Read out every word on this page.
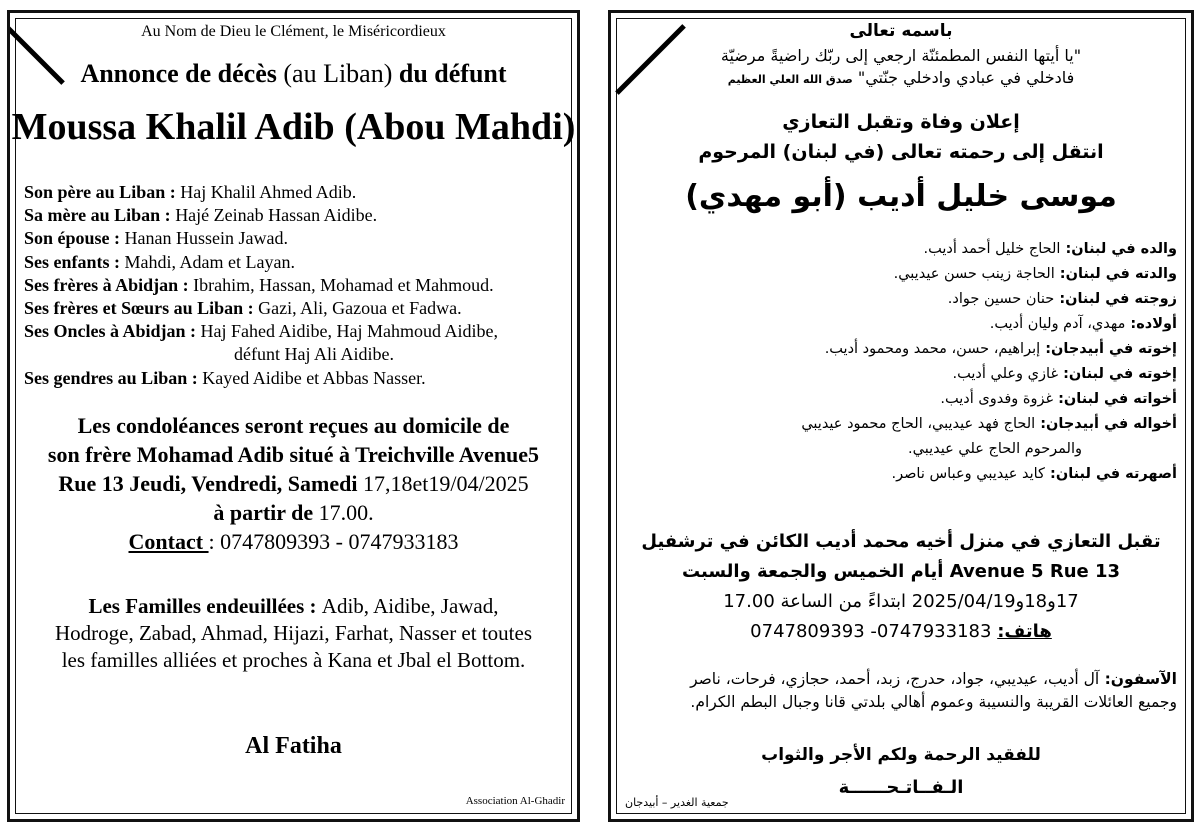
Au Nom de Dieu le Clément, le Miséricordieux
Annonce de décès (au Liban) du défunt
Moussa Khalil Adib (Abou Mahdi)
Son père au Liban : Haj Khalil Ahmed Adib.
Sa mère au Liban : Hajé Zeinab Hassan Aidibe.
Son épouse : Hanan Hussein Jawad.
Ses enfants : Mahdi, Adam et Layan.
Ses frères à Abidjan : Ibrahim, Hassan, Mohamad et Mahmoud.
Ses frères et Sœurs au Liban : Gazi, Ali, Gazoua et Fadwa.
Ses Oncles à Abidjan : Haj Fahed Aidibe, Haj Mahmoud Aidibe,
défunt Haj Ali Aidibe.
Ses gendres au Liban : Kayed Aidibe et Abbas Nasser.
Les condoléances seront reçues au domicile de
son frère Mohamad Adib situé à Treichville Avenue5
Rue 13 Jeudi, Vendredi, Samedi 17,18et19/04/2025
à partir de 17.00.
Contact : 0747809393 - 0747933183
Les Familles endeuillées : Adib, Aidibe, Jawad,
Hodroge, Zabad, Ahmad, Hijazi, Farhat, Nasser et toutes
les familles alliées et proches à Kana et Jbal el Bottom.
Al Fatiha
Association Al-Ghadir
باسمه تعالى
"يا أيتها النفس المطمئنّة ارجعي إلى ربّك راضيةً مرضيّة
فادخلي في عبادي وادخلي جنّتي" صدق الله العلي العظيم
إعلان وفاة وتقبل التعازي
انتقل إلى رحمته تعالى (في لبنان) المرحوم
موسى خليل أديب (أبو مهدي)
والده في لبنان: الحاج خليل أحمد أديب.
والدته في لبنان: الحاجة زينب حسن عيديبي.
زوجته في لبنان: حنان حسين جواد.
أولاده: مهدي، آدم وليان أديب.
إخوته في أبيدجان: إبراهيم، حسن، محمد ومحمود أديب.
إخوته في لبنان: غازي وعلي أديب.
أخواته في لبنان: غزوة وفدوى أديب.
أخواله في أبيدجان: الحاج فهد عيديبي، الحاج محمود عيديبي
والمرحوم الحاج علي عيديبي.
أصهرته في لبنان: كايد عيديبي وعباس ناصر.
تقبل التعازي في منزل أخيه محمد أديب الكائن في ترشفيل
Avenue 5 Rue 13 أيام الخميس والجمعة والسبت
17و18و2025/04/19 ابتداءً من الساعة 17.00
هاتف: 0747933183- 0747809393
الآسفون: آل أديب، عيديبي، جواد، حدرج، زبد، أحمد، حجازي، فرحات، ناصر
وجميع العائلات القريبة والنسيبة وعموم أهالي بلدتي قانا وجبال البطم الكرام.
للفقيد الرحمة ولكم الأجر والثواب
الـفــاتـحــــــة
جمعية الغدير – أبيدجان
